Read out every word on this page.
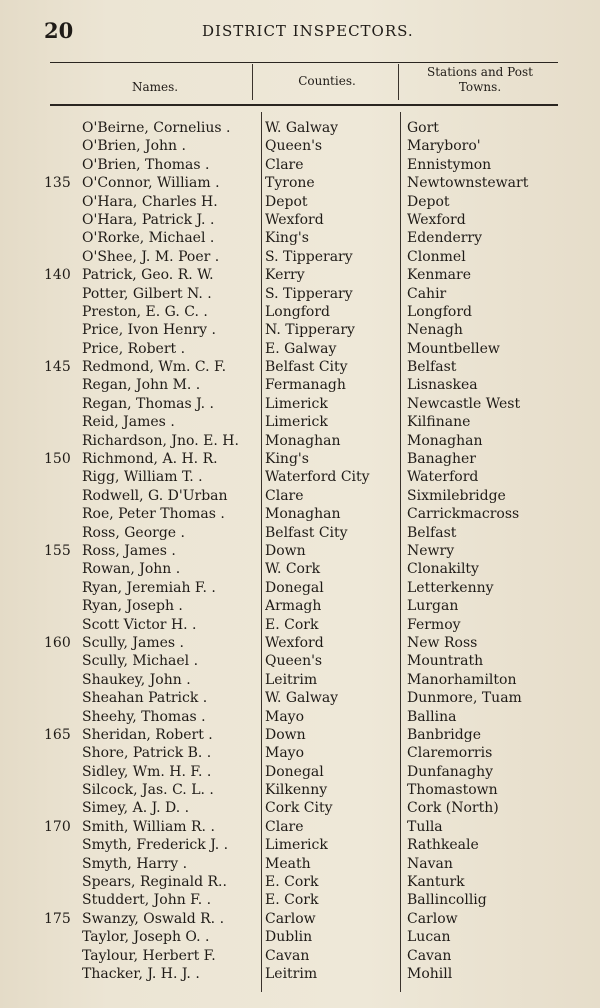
20	DISTRICT INSPECTORS.
Names.	Counties.
Stations and Post Towns.
O'Beirne, Cornelius .	W. Galway	Gort
O'Brien, John .	Queen's	Maryboro'
O'Brien, Thomas .	Clare	Ennistymon
135 O'Connor, William .	Tyrone	Newtownstewart
O'Hara, Charles H.	Depot	Depot
O'Hara, Patrick J. .	Wexford	Wexford
O'Rorke, Michael .	King's	Edenderry
O'Shee, J. M. Poer .	S. Tipperary	Clonmel
140 Patrick, Geo. R. W.	Kerry	Kenmare
Potter, Gilbert N. .	S. Tipperary	Cahir
Preston, E. G. C. .	Longford	Longford
Price, Ivon Henry .	N. Tipperary	Nenagh
Price, Robert .	E. Galway	Mountbellew
145 Redmond, Wm. C. F.	Belfast City	Belfast
Regan, John M. .	Fermanagh	Lisnaskea
Regan, Thomas J. .	Limerick	Newcastle West
Reid, James .	Limerick	Kilfinane
Richardson, Jno. E. H.	Monaghan	Monaghan
150 Richmond, A. H. R.	King's	Banagher
Rigg, William T. .	Waterford City	Waterford
Rodwell, G. D'Urban	Clare	Sixmilebridge
Roe, Peter Thomas .	Monaghan	Carrickmacross
Ross, George .	Belfast City	Belfast
155 Ross, James .	Down	Newry
Rowan, John .	W. Cork	Clonakilty
Ryan, Jeremiah F. .	Donegal	Letterkenny
Ryan, Joseph .	Armagh	Lurgan
Scott Victor H. .	E. Cork	Fermoy
160 Scully, James .	Wexford	New Ross
Scully, Michael .	Queen's	Mountrath
Shaukey, John .	Leitrim	Manorhamilton
Sheahan Patrick .	W. Galway	Dunmore, Tuam
Sheehy, Thomas .	Mayo	Ballina
165 Sheridan, Robert .	Down	Banbridge
Shore, Patrick B. .	Mayo	Claremorris
Sidley, Wm. H. F. .	Donegal	Dunfanaghy
Silcock, Jas. C. L. .	Kilkenny	Thomastown
Simey, A. J. D. .	Cork City	Cork (North)
170 Smith, William R. .	Clare	Tulla
Smyth, Frederick J. .	Limerick	Rathkeale
Smyth, Harry .	Meath	Navan
Spears, Reginald R..	E. Cork	Kanturk
Studdert, John F. .	E. Cork	Ballincollig
175 Swanzy, Oswald R. .	Carlow	Carlow
Taylor, Joseph O. .	Dublin	Lucan
Taylour, Herbert F.	Cavan	Cavan
Thacker, J. H. J. .	Leitrim	Mohill
